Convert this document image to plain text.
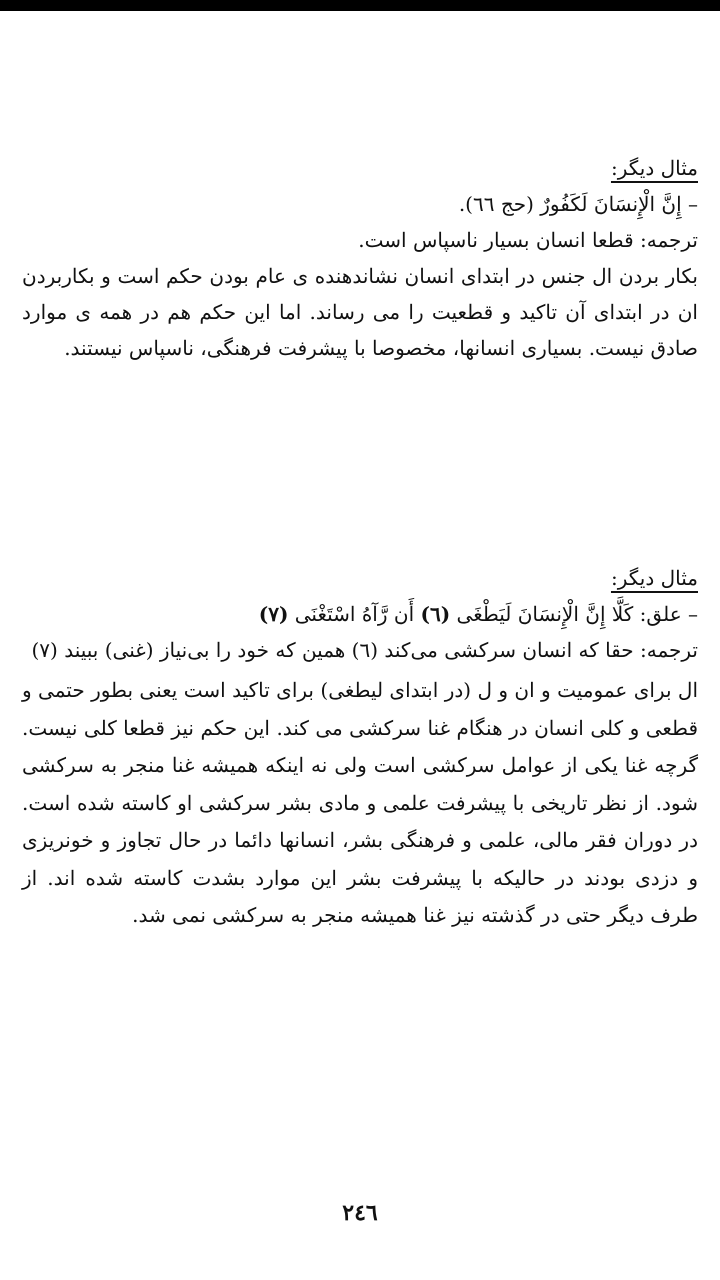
مثال دیگر:
– إِنَّ الْإِنسَانَ لَكَفُورٌ (حج ٦٦).
ترجمه: قطعا انسان بسیار ناسپاس است.
بکار بردن ال جنس در ابتدای انسان نشاندهنده ی عام بودن حکم است و بکاربردن ان در ابتدای آن تاکید و قطعیت را می رساند. اما این حکم هم در همه ی موارد صادق نیست. بسیاری انسانها، مخصوصا با پیشرفت فرهنگی، ناسپاس نیستند.
مثال دیگر:
– علق: كَلَّا إِنَّ الْإِنسَانَ لَيَطْغَى (٦) أَن رَّآهُ اسْتَغْنَى (٧)
ترجمه: حقا که انسان سرکشی می‌کند (٦) همین که خود را بی‌نیاز (غنی) ببیند (٧)
ال برای عمومیت و ان و ل (در ابتدای لیطغی) برای تاکید است یعنی بطور حتمی و قطعی و کلی انسان در هنگام غنا سرکشی می کند. این حکم نیز قطعا کلی نیست. گرچه غنا یکی از عوامل سرکشی است ولی نه اینکه همیشه غنا منجر به سرکشی شود. از نظر تاریخی با پیشرفت علمی و مادی بشر سرکشی او کاسته شده است. در دوران فقر مالی، علمی و فرهنگی بشر، انسانها دائما در حال تجاوز و خونریزی و دزدی بودند در حالیکه با پیشرفت بشر این موارد بشدت کاسته شده اند. از طرف دیگر حتی در گذشته نیز غنا همیشه منجر به سرکشی نمی شد.
٢٤٦
